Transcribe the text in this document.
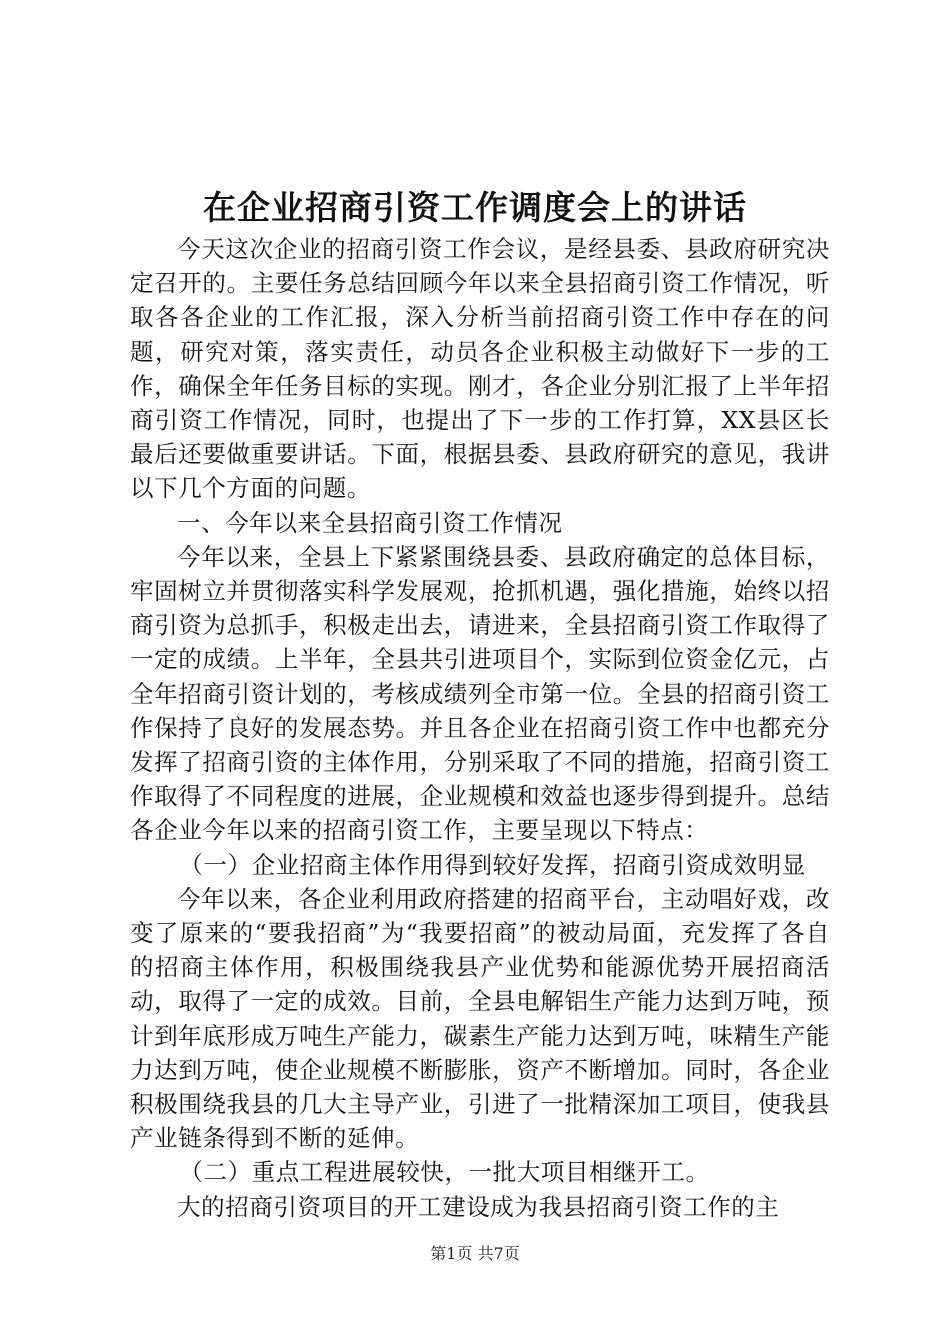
在企业招商引资工作调度会上的讲话

今天这次企业的招商引资工作会议，是经县委、县政府研究决定召开的。主要任务总结回顾今年以来全县招商引资工作情况，听取各各企业的工作汇报，深入分析当前招商引资工作中存在的问题，研究对策，落实责任，动员各企业积极主动做好下一步的工作，确保全年任务目标的实现。刚才，各企业分别汇报了上半年招商引资工作情况，同时，也提出了下一步的工作打算，XX县区长最后还要做重要讲话。下面，根据县委、县政府研究的意见，我讲以下几个方面的问题。

一、今年以来全县招商引资工作情况

今年以来，全县上下紧紧围绕县委、县政府确定的总体目标，牢固树立并贯彻落实科学发展观，抢抓机遇，强化措施，始终以招商引资为总抓手，积极走出去，请进来，全县招商引资工作取得了一定的成绩。上半年，全县共引进项目个，实际到位资金亿元，占全年招商引资计划的，考核成绩列全市第一位。全县的招商引资工作保持了良好的发展态势。并且各企业在招商引资工作中也都充分发挥了招商引资的主体作用，分别采取了不同的措施，招商引资工作取得了不同程度的进展，企业规模和效益也逐步得到提升。总结各企业今年以来的招商引资工作，主要呈现以下特点：

（一）企业招商主体作用得到较好发挥，招商引资成效明显

今年以来，各企业利用政府搭建的招商平台，主动唱好戏，改变了原来的“要我招商”为“我要招商”的被动局面，充发挥了各自的招商主体作用，积极围绕我县产业优势和能源优势开展招商活动，取得了一定的成效。目前，全县电解铝生产能力达到万吨，预计到年底形成万吨生产能力，碳素生产能力达到万吨，味精生产能力达到万吨，使企业规模不断膨胀，资产不断增加。同时，各企业积极围绕我县的几大主导产业，引进了一批精深加工项目，使我县产业链条得到不断的延伸。

（二）重点工程进展较快，一批大项目相继开工。

大的招商引资项目的开工建设成为我县招商引资工作的主

第1页 共7页
